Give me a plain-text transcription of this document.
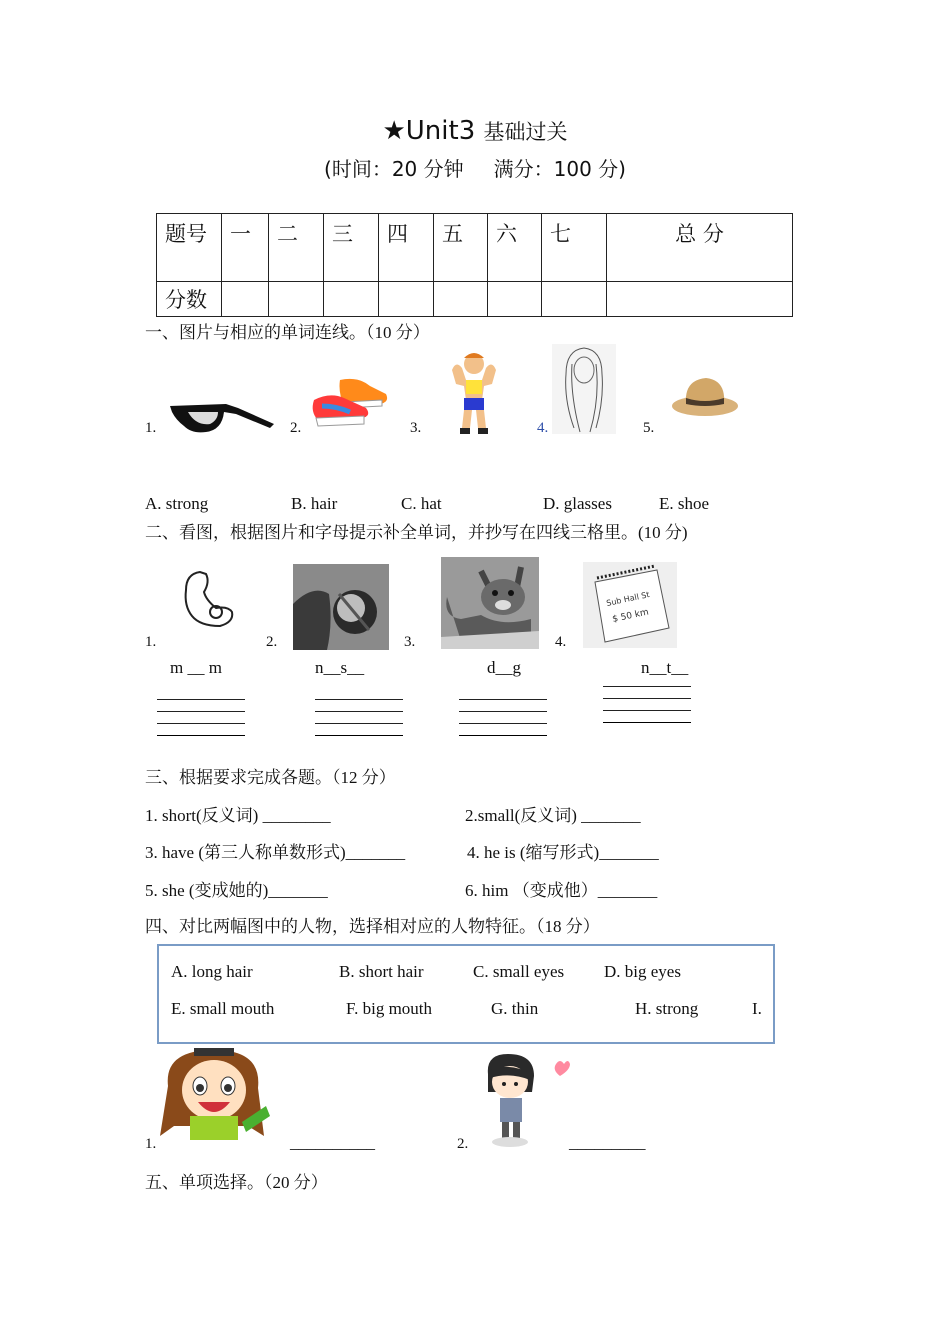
★Unit3 基础过关
(时间：20 分钟 满分：100 分)
题号	一	二	三	四	五	六	七	总 分
分数								
一、图片与相应的单词连线。（10 分）
1.	2.	3.	4.	5.
A. strong	B. hair	C. hat	D. glasses	E. shoe
二、看图，根据图片和字母提示补全单词，并抄写在四线三格里。(10 分)
1.	2.	3.	4.
Sub Hall St
$ 50 km
m __ m	n__s__	d__g	n__t__
三、根据要求完成各题。（12 分）
1. short(反义词) ________	2.small(反义词) _______
3. have (第三人称单数形式)_______	4. he is (缩写形式)_______
5. she (变成她的)_______	6. him （变成他）_______
四、对比两幅图中的人物，选择相对应的人物特征。（18 分）
A. long hair	B. short hair	C. small eyes D. big eyes
E. small mouth	F. big mouth	G. thin	H. strong	I.
1.	__________	2.	_________
五、单项选择。（20 分）
